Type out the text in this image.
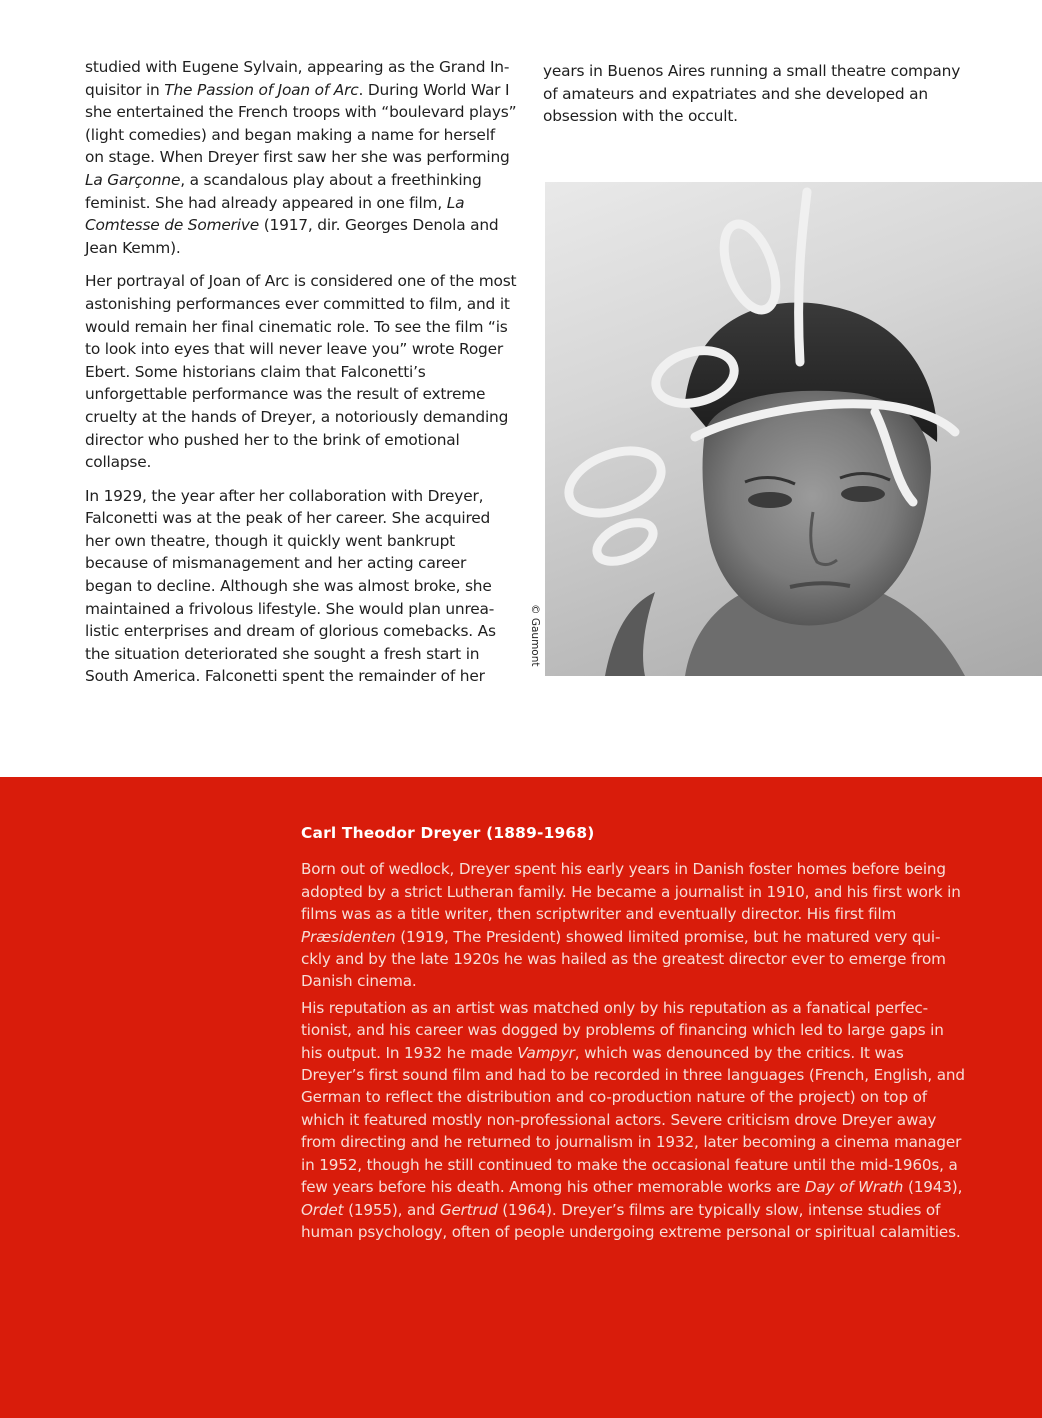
studied with Eugene Sylvain, appearing as the Grand In-quisitor in The Passion of Joan of Arc. During World War I she entertained the French troops with “boulevard plays” (light comedies) and began making a name for herself on stage. When Dreyer first saw her she was performing La Garçonne, a scandalous play about a freethinking feminist. She had already appeared in one film, La Comtesse de Somerive (1917, dir. Georges Denola and Jean Kemm).

Her portrayal of Joan of Arc is considered one of the most astonishing performances ever committed to film, and it would remain her final cinematic role. To see the film “is to look into eyes that will never leave you” wrote Roger Ebert. Some historians claim that Falconetti’s unforgettable performance was the result of extreme cruelty at the hands of Dreyer, a notoriously demanding director who pushed her to the brink of emotional collapse.

In 1929, the year after her collaboration with Dreyer, Falconetti was at the peak of her career. She acquired her own theatre, though it quickly went bankrupt because of mismanagement and her acting career began to decline. Although she was almost broke, she maintained a frivolous lifestyle. She would plan unrea-listic enterprises and dream of glorious comebacks. As the situation deteriorated she sought a fresh start in South America. Falconetti spent the remainder of her

years in Buenos Aires running a small theatre company of amateurs and expatriates and she developed an obsession with the occult.

© Gaumont
Carl Theodor Dreyer (1889-1968)

Born out of wedlock, Dreyer spent his early years in Danish foster homes before being adopted by a strict Lutheran family. He became a journalist in 1910, and his first work in films was as a title writer, then scriptwriter and eventually director. His first film Præsidenten (1919, The President) showed limited promise, but he matured very qui-ckly and by the late 1920s he was hailed as the greatest director ever to emerge from Danish cinema.

His reputation as an artist was matched only by his reputation as a fanatical perfec-tionist, and his career was dogged by problems of financing which led to large gaps in his output. In 1932 he made Vampyr, which was denounced by the critics. It was Dreyer’s first sound film and had to be recorded in three languages (French, English, and German to reflect the distribution and co-production nature of the project) on top of which it featured mostly non-professional actors. Severe criticism drove Dreyer away from directing and he returned to journalism in 1932, later becoming a cinema manager in 1952, though he still continued to make the occasional feature until the mid-1960s, a few years before his death. Among his other memorable works are Day of Wrath (1943), Ordet (1955), and Gertrud (1964). Dreyer’s films are typically slow, intense studies of human psychology, often of people undergoing extreme personal or spiritual calamities.
